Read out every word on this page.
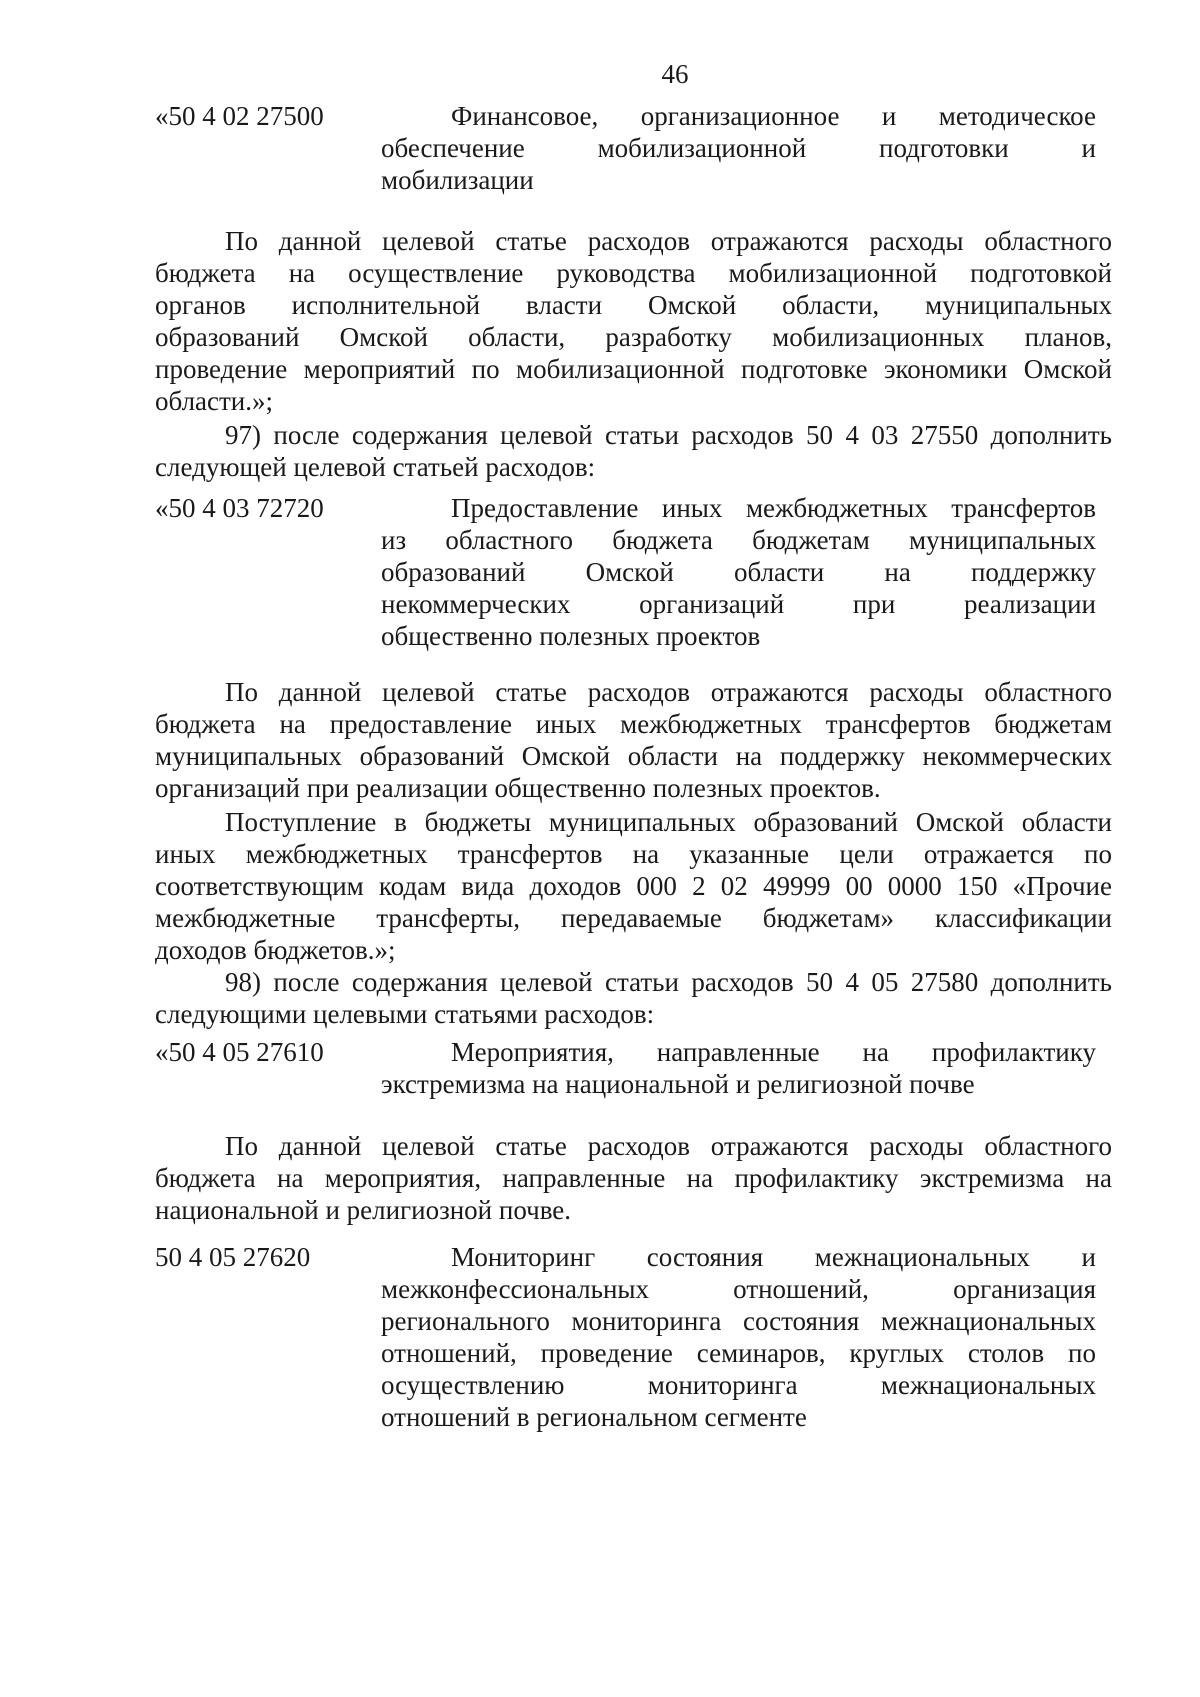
46
«50 4 02 27500	Финансовое, организационное и методическое
обеспечение мобилизационной подготовки и
мобилизации
По данной целевой статье расходов отражаются расходы областного
бюджета на осуществление руководства мобилизационной подготовкой
органов исполнительной власти Омской области, муниципальных
образований Омской области, разработку мобилизационных планов,
проведение мероприятий по мобилизационной подготовке экономики Омской
области.»;
97) после содержания целевой статьи расходов 50 4 03 27550 дополнить
следующей целевой статьей расходов:
«50 4 03 72720	Предоставление иных межбюджетных трансфертов
из областного бюджета бюджетам муниципальных
образований Омской области на поддержку
некоммерческих организаций при реализации
общественно полезных проектов
По данной целевой статье расходов отражаются расходы областного
бюджета на предоставление иных межбюджетных трансфертов бюджетам
муниципальных образований Омской области на поддержку некоммерческих
организаций при реализации общественно полезных проектов.
Поступление в бюджеты муниципальных образований Омской области
иных межбюджетных трансфертов на указанные цели отражается по
соответствующим кодам вида доходов 000 2 02 49999 00 0000 150 «Прочие
межбюджетные трансферты, передаваемые бюджетам» классификации
доходов бюджетов.»;
98) после содержания целевой статьи расходов 50 4 05 27580 дополнить
следующими целевыми статьями расходов:
«50 4 05 27610	Мероприятия, направленные на профилактику
экстремизма на национальной и религиозной почве
По данной целевой статье расходов отражаются расходы областного
бюджета на мероприятия, направленные на профилактику экстремизма на
национальной и религиозной почве.
50 4 05 27620	Мониторинг состояния межнациональных и
межконфессиональных отношений, организация
регионального мониторинга состояния межнациональных
отношений, проведение семинаров, круглых столов по
осуществлению мониторинга межнациональных
отношений в региональном сегменте
